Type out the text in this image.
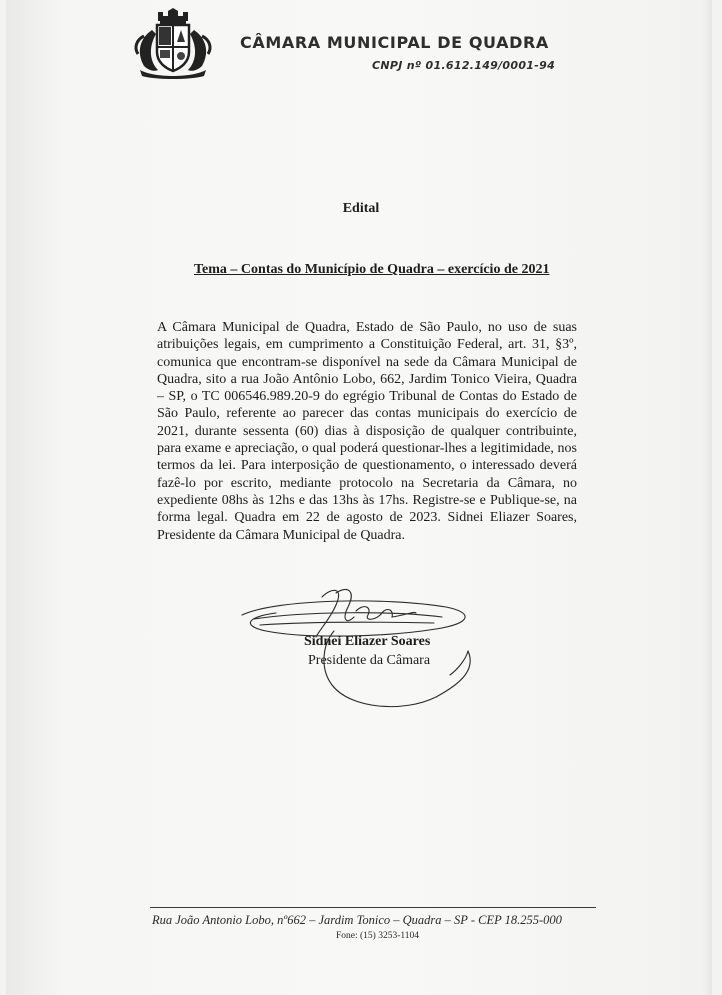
CÂMARA MUNICIPAL DE QUADRA
CNPJ nº 01.612.149/0001-94
Edital
Tema – Contas do Município de Quadra – exercício de 2021

A Câmara Municipal de Quadra, Estado de São Paulo, no uso de suas atribuições legais, em cumprimento a Constituição Federal, art. 31, §3º, comunica que encontram-se disponível na sede da Câmara Municipal de Quadra, sito a rua João Antônio Lobo, 662, Jardim Tonico Vieira, Quadra – SP, o TC 006546.989.20-9 do egrégio Tribunal de Contas do Estado de São Paulo, referente ao parecer das contas municipais do exercício de 2021, durante sessenta (60) dias à disposição de qualquer contribuinte, para exame e apreciação, o qual poderá questionar-lhes a legitimidade, nos termos da lei. Para interposição de questionamento, o interessado deverá fazê-lo por escrito, mediante protocolo na Secretaria da Câmara, no expediente 08hs às 12hs e das 13hs às 17hs. Registre-se e Publique-se, na forma legal. Quadra em 22 de agosto de 2023. Sidnei Eliazer Soares, Presidente da Câmara Municipal de Quadra.

Sidnei Eliazer Soares
Presidente da Câmara
Rua João Antonio Lobo, nº662 – Jardim Tonico – Quadra – SP - CEP 18.255-000
Fone: (15) 3253-1104
